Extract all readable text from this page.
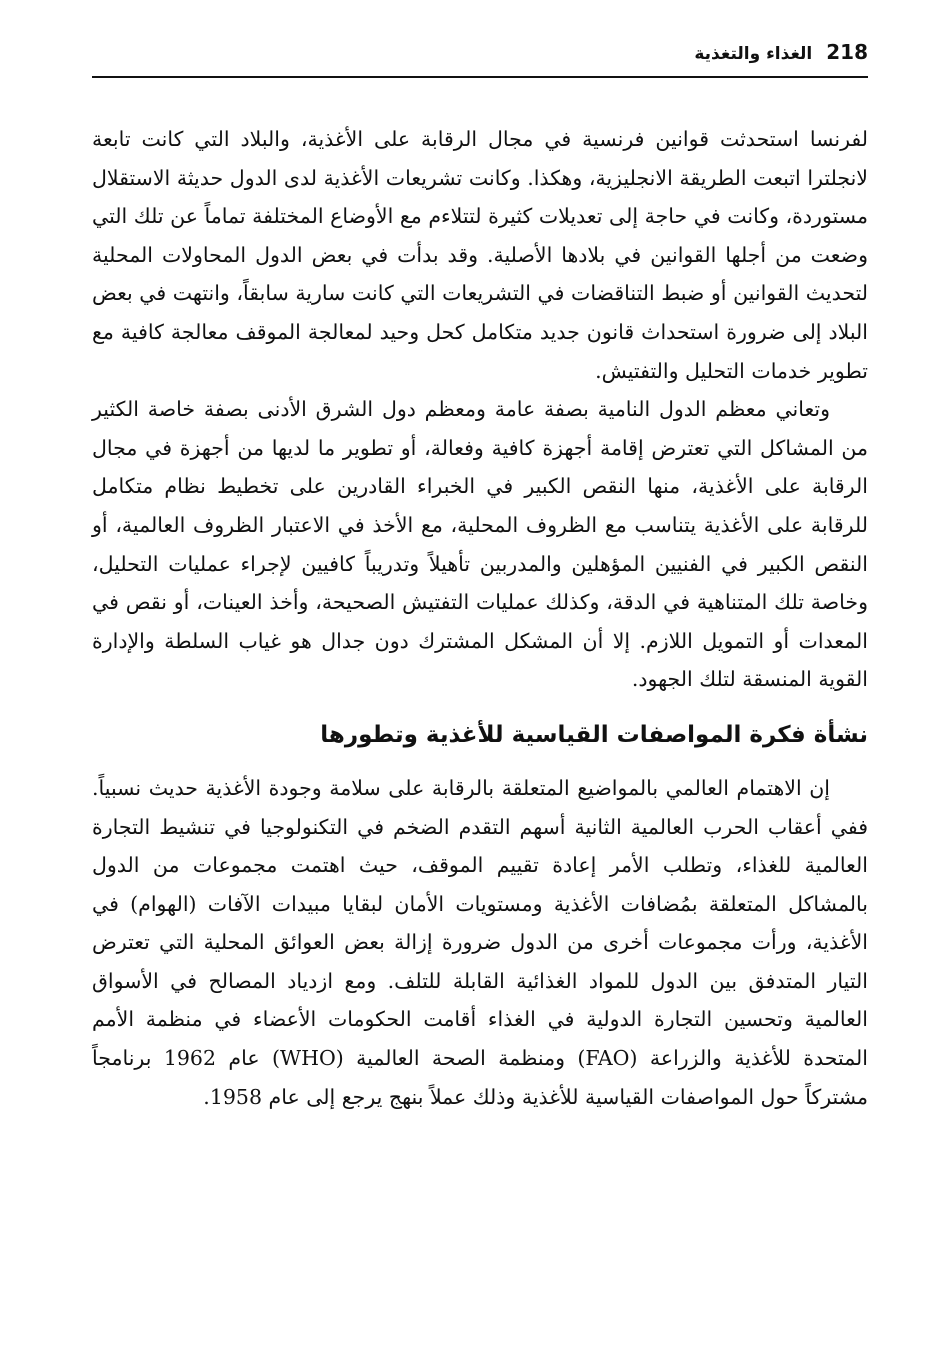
218
الغذاء والتغذية

لفرنسا استحدثت قوانين فرنسية في مجال الرقابة على الأغذية، والبلاد التي كانت تابعة لانجلترا اتبعت الطريقة الانجليزية، وهكذا. وكانت تشريعات الأغذية لدى الدول حديثة الاستقلال مستوردة، وكانت في حاجة إلى تعديلات كثيرة لتتلاءم مع الأوضاع المختلفة تماماً عن تلك التي وضعت من أجلها القوانين في بلادها الأصلية. وقد بدأت في بعض الدول المحاولات المحلية لتحديث القوانين أو ضبط التناقضات في التشريعات التي كانت سارية سابقاً، وانتهت في بعض البلاد إلى ضرورة استحداث قانون جديد متكامل كحل وحيد لمعالجة الموقف معالجة كافية مع تطوير خدمات التحليل والتفتيش.

وتعاني معظم الدول النامية بصفة عامة ومعظم دول الشرق الأدنى بصفة خاصة الكثير من المشاكل التي تعترض إقامة أجهزة كافية وفعالة، أو تطوير ما لديها من أجهزة في مجال الرقابة على الأغذية، منها النقص الكبير في الخبراء القادرين على تخطيط نظام متكامل للرقابة على الأغذية يتناسب مع الظروف المحلية، مع الأخذ في الاعتبار الظروف العالمية، أو النقص الكبير في الفنيين المؤهلين والمدربين تأهيلاً وتدريباً كافيين لإجراء عمليات التحليل، وخاصة تلك المتناهية في الدقة، وكذلك عمليات التفتيش الصحيحة، وأخذ العينات، أو نقص في المعدات أو التمويل اللازم. إلا أن المشكل المشترك دون جدال هو غياب السلطة والإدارة القوية المنسقة لتلك الجهود.

نشأة فكرة المواصفات القياسية للأغذية وتطورها

إن الاهتمام العالمي بالمواضيع المتعلقة بالرقابة على سلامة وجودة الأغذية حديث نسبياً. ففي أعقاب الحرب العالمية الثانية أسهم التقدم الضخم في التكنولوجيا في تنشيط التجارة العالمية للغذاء، وتطلب الأمر إعادة تقييم الموقف، حيث اهتمت مجموعات من الدول بالمشاكل المتعلقة بمُضافات الأغذية ومستويات الأمان لبقايا مبيدات الآفات (الهوام) في الأغذية، ورأت مجموعات أخرى من الدول ضرورة إزالة بعض العوائق المحلية التي تعترض التيار المتدفق بين الدول للمواد الغذائية القابلة للتلف. ومع ازدياد المصالح في الأسواق العالمية وتحسين التجارة الدولية في الغذاء أقامت الحكومات الأعضاء في منظمة الأمم المتحدة للأغذية والزراعة (FAO) ومنظمة الصحة العالمية (WHO) عام 1962 برنامجاً مشتركاً حول المواصفات القياسية للأغذية وذلك عملاً بنهج يرجع إلى عام 1958.
